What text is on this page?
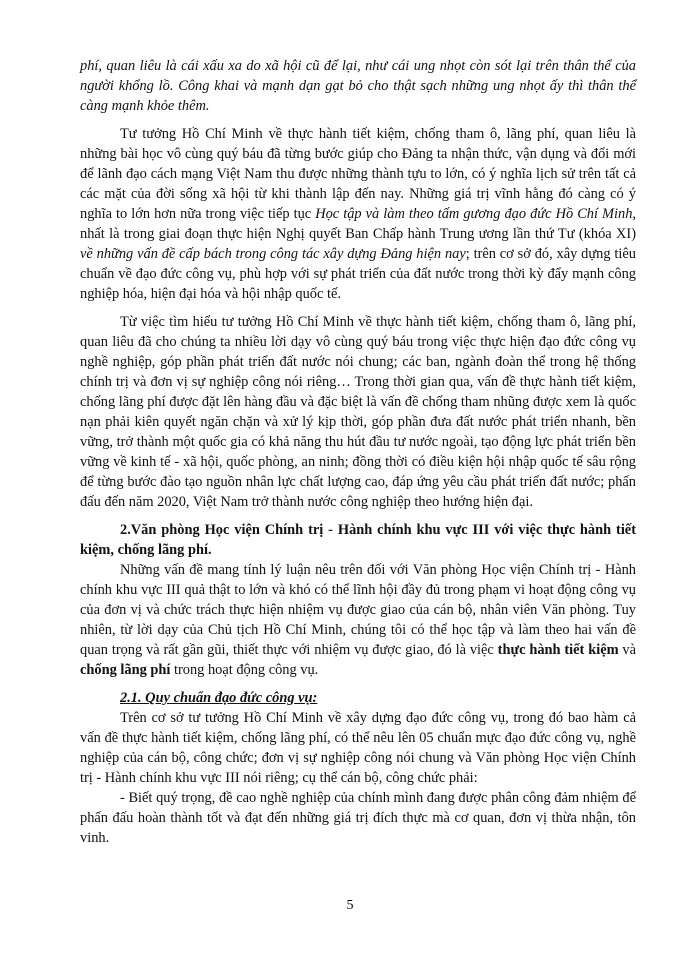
phí, quan liêu là cái xấu xa do xã hội cũ để lại, như cái ung nhọt còn sót lại trên thân thể của người khổng lồ. Công khai và mạnh dạn gạt bỏ cho thật sạch những ung nhọt ấy thì thân thể càng mạnh khỏe thêm.

Tư tưởng Hồ Chí Minh về thực hành tiết kiệm, chống tham ô, lãng phí, quan liêu là những bài học vô cùng quý báu đã từng bước giúp cho Đảng ta nhận thức, vận dụng và đổi mới để lãnh đạo cách mạng Việt Nam thu được những thành tựu to lớn, có ý nghĩa lịch sử trên tất cả các mặt của đời sống xã hội từ khi thành lập đến nay. Những giá trị vĩnh hằng đó càng có ý nghĩa to lớn hơn nữa trong việc tiếp tục Học tập và làm theo tấm gương đạo đức Hồ Chí Minh, nhất là trong giai đoạn thực hiện Nghị quyết Ban Chấp hành Trung ương lần thứ Tư (khóa XI) về những vấn đề cấp bách trong công tác xây dựng Đảng hiện nay; trên cơ sở đó, xây dựng tiêu chuẩn về đạo đức công vụ, phù hợp với sự phát triển của đất nước trong thời kỳ đẩy mạnh công nghiệp hóa, hiện đại hóa và hội nhập quốc tế.

Từ việc tìm hiểu tư tưởng Hồ Chí Minh về thực hành tiết kiệm, chống tham ô, lãng phí, quan liêu đã cho chúng ta nhiều lời dạy vô cùng quý báu trong việc thực hiện đạo đức công vụ nghề nghiệp, góp phần phát triển đất nước nói chung; các ban, ngành đoàn thể trong hệ thống chính trị và đơn vị sự nghiệp công nói riêng… Trong thời gian qua, vấn đề thực hành tiết kiệm, chống lãng phí được đặt lên hàng đầu và đặc biệt là vấn đề chống tham nhũng được xem là quốc nạn phải kiên quyết ngăn chặn và xử lý kịp thời, góp phần đưa đất nước phát triển nhanh, bền vững, trở thành một quốc gia có khả năng thu hút đầu tư nước ngoài, tạo động lực phát triển bền vững về kinh tế - xã hội, quốc phòng, an ninh; đồng thời có điều kiện hội nhập quốc tế sâu rộng để từng bước đào tạo nguồn nhân lực chất lượng cao, đáp ứng yêu cầu phát triển đất nước; phấn đấu đến năm 2020, Việt Nam trở thành nước công nghiệp theo hướng hiện đại.

2.Văn phòng Học viện Chính trị - Hành chính khu vực III với việc thực hành tiết kiệm, chống lãng phí.

Những vấn đề mang tính lý luận nêu trên đối với Văn phòng Học viện Chính trị - Hành chính khu vực III quả thật to lớn và khó có thể lĩnh hội đầy đủ trong phạm vi hoạt động công vụ của đơn vị và chức trách thực hiện nhiệm vụ được giao của cán bộ, nhân viên Văn phòng. Tuy nhiên, từ lời dạy của Chủ tịch Hồ Chí Minh, chúng tôi có thể học tập và làm theo hai vấn đề quan trọng và rất gần gũi, thiết thực với nhiệm vụ được giao, đó là việc thực hành tiết kiệm và chống lãng phí trong hoạt động công vụ.

2.1. Quy chuẩn đạo đức công vụ:

Trên cơ sở tư tưởng Hồ Chí Minh về xây dựng đạo đức công vụ, trong đó bao hàm cả vấn đề thực hành tiết kiệm, chống lãng phí, có thể nêu lên 05 chuẩn mực đạo đức công vụ, nghề nghiệp của cán bộ, công chức; đơn vị sự nghiệp công nói chung và Văn phòng Học viện Chính trị - Hành chính khu vực III nói riêng; cụ thể cán bộ, công chức phải:

- Biết quý trọng, đề cao nghề nghiệp của chính mình đang được phân công đảm nhiệm để phấn đấu hoàn thành tốt và đạt đến những giá trị đích thực mà cơ quan, đơn vị thừa nhận, tôn vinh.

5
